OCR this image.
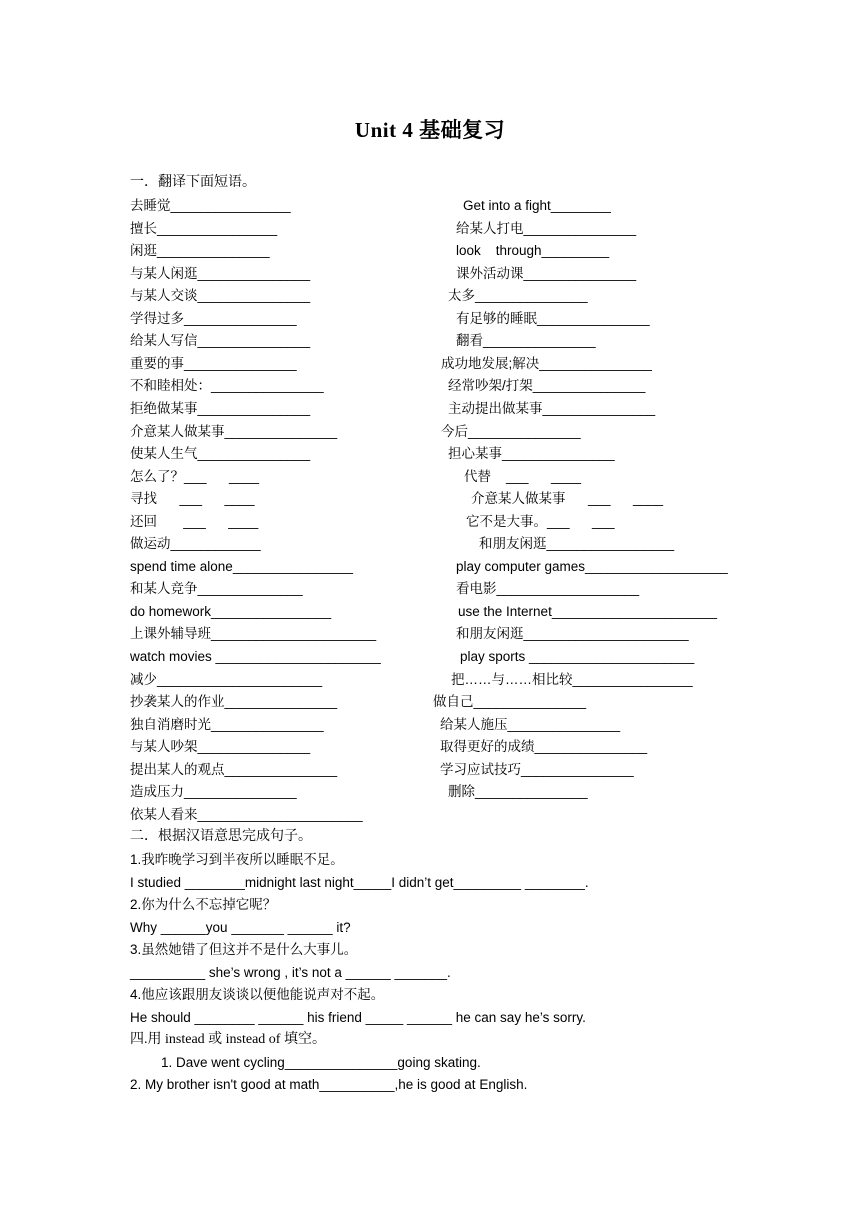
Unit 4 基础复习
一．翻译下面短语。
去睡觉________________	Get into a fight________
擅长________________	给某人打电_______________
闲逛_______________	look    through_________
与某人闲逛_______________	课外活动课_______________
与某人交谈_______________	太多_______________
学得过多_______________	有足够的睡眠_______________
给某人写信_______________	翻看_______________
重要的事_______________	成功地发展;解决_______________
不和睦相处：_______________	经常吵架/打架_______________
拒绝做某事_______________	主动提出做某事_______________
介意某人做某事_______________	今后_______________
使某人生气_______________	担心某事_______________
怎么了？___      ____	代替    ___      ____
寻找      ___      ____	介意某人做某事      ___      ____
还回       ___      ____	它不是大事。___      ___
做运动____________	和朋友闲逛_________________
spend time alone________________	play computer games___________________
和某人竞争______________	看电影___________________
do homework________________	use the Internet______________________
上课外辅导班______________________	和朋友闲逛______________________
watch movies ______________________	play sports ______________________
减少______________________	把……与……相比较________________
抄袭某人的作业_______________	做自己_______________
独自消磨时光_______________	给某人施压_______________
与某人吵架_______________	取得更好的成绩_______________
提出某人的观点_______________	学习应试技巧_______________
造成压力_______________	删除_______________
依某人看来______________________
二．根据汉语意思完成句子。
1.我昨晚学习到半夜所以睡眠不足。
I studied ________midnight last night_____I didn’t get_________ ________.
2.你为什么不忘掉它呢？
Why ______you _______ ______ it?
3.虽然她错了但这并不是什么大事儿。
__________ she’s wrong , it’s not a ______ _______.
4.他应该跟朋友谈谈以便他能说声对不起。
He should ________ ______ his friend _____ ______ he can say he’s sorry.
四.用 instead 或 instead of 填空。
1. Dave went cycling_______________going skating.
2. My brother isn't good at math__________,he is good at English.
